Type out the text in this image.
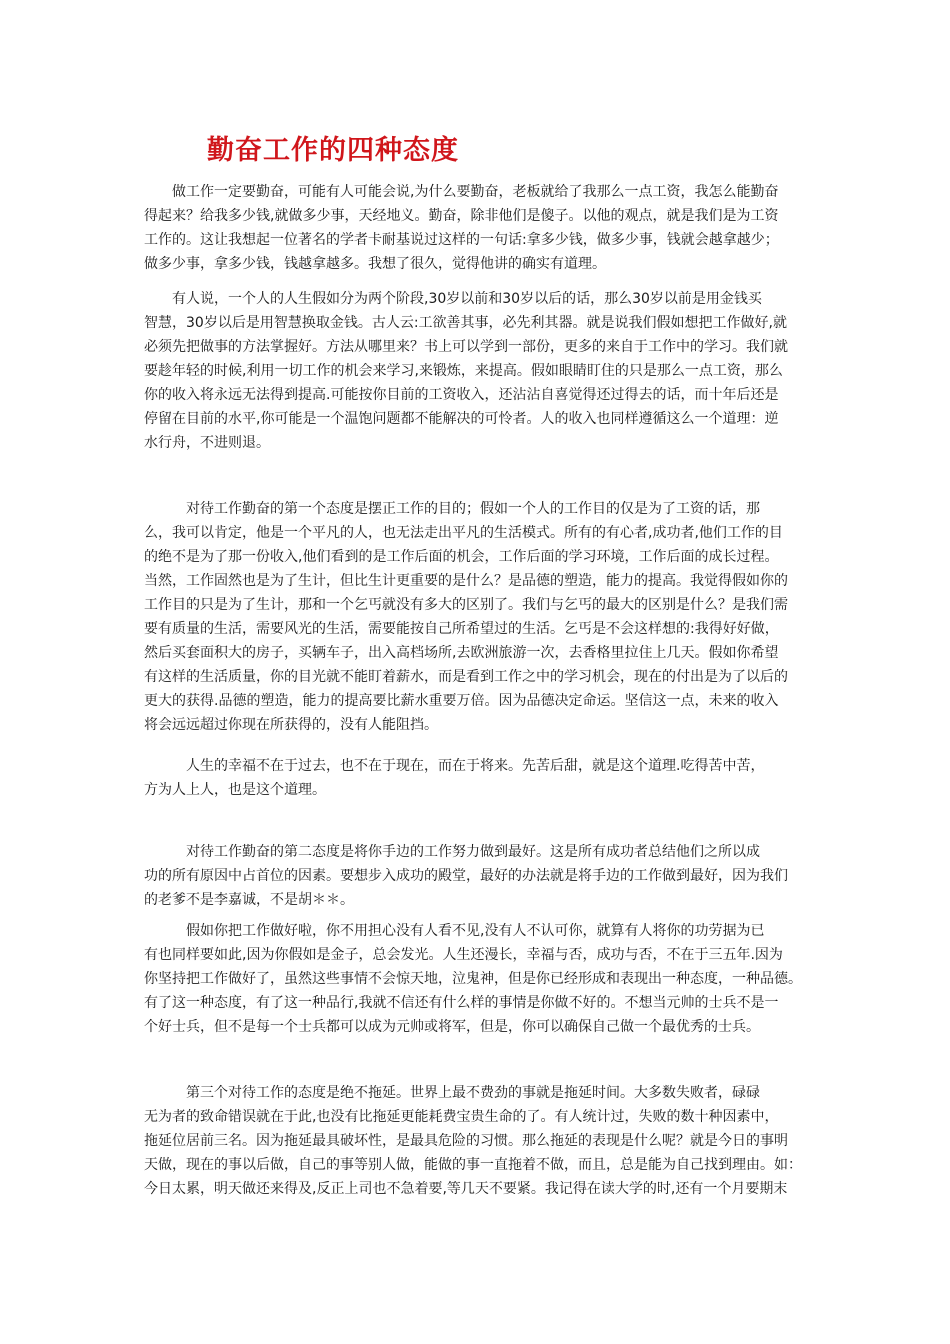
勤奋工作的四种态度
　　做工作一定要勤奋，可能有人可能会说,为什么要勤奋，老板就给了我那么一点工资，我怎么能勤奋
得起来？给我多少钱,就做多少事，天经地义。勤奋，除非他们是傻子。以他的观点，就是我们是为工资
工作的。这让我想起一位著名的学者卡耐基说过这样的一句话:拿多少钱，做多少事，钱就会越拿越少；
做多少事，拿多少钱，钱越拿越多。我想了很久，觉得他讲的确实有道理。
　　有人说，一个人的人生假如分为两个阶段,30岁以前和30岁以后的话，那么30岁以前是用金钱买
智慧，30岁以后是用智慧换取金钱。古人云:工欲善其事，必先利其器。就是说我们假如想把工作做好,就
必须先把做事的方法掌握好。方法从哪里来？书上可以学到一部份，更多的来自于工作中的学习。我们就
要趁年轻的时候,利用一切工作的机会来学习,来锻炼，来提高。假如眼睛盯住的只是那么一点工资，那么
你的收入将永远无法得到提高.可能按你目前的工资收入，还沾沾自喜觉得还过得去的话，而十年后还是
停留在目前的水平,你可能是一个温饱问题都不能解决的可怜者。人的收入也同样遵循这么一个道理：逆
水行舟，不进则退。
　　　对待工作勤奋的第一个态度是摆正工作的目的；假如一个人的工作目的仅是为了工资的话，那
么，我可以肯定，他是一个平凡的人，也无法走出平凡的生活模式。所有的有心者,成功者,他们工作的目
的绝不是为了那一份收入,他们看到的是工作后面的机会，工作后面的学习环境，工作后面的成长过程。
当然，工作固然也是为了生计，但比生计更重要的是什么？是品德的塑造，能力的提高。我觉得假如你的
工作目的只是为了生计，那和一个乞丐就没有多大的区别了。我们与乞丐的最大的区别是什么？是我们需
要有质量的生活，需要风光的生活，需要能按自己所希望过的生活。乞丐是不会这样想的:我得好好做，
然后买套面积大的房子，买辆车子，出入高档场所,去欧洲旅游一次，去香格里拉住上几天。假如你希望
有这样的生活质量，你的目光就不能盯着薪水，而是看到工作之中的学习机会，现在的付出是为了以后的
更大的获得.品德的塑造，能力的提高要比薪水重要万倍。因为品德决定命运。坚信这一点，未来的收入
将会远远超过你现在所获得的，没有人能阻挡。
　　　人生的幸福不在于过去，也不在于现在，而在于将来。先苦后甜，就是这个道理.吃得苦中苦，
方为人上人，也是这个道理。
　　　对待工作勤奋的第二态度是将你手边的工作努力做到最好。这是所有成功者总结他们之所以成
功的所有原因中占首位的因素。要想步入成功的殿堂，最好的办法就是将手边的工作做到最好，因为我们
的老爹不是李嘉诚，不是胡＊＊。
　　　假如你把工作做好啦，你不用担心没有人看不见,没有人不认可你，就算有人将你的功劳据为已
有也同样要如此,因为你假如是金子，总会发光。人生还漫长，幸福与否，成功与否，不在于三五年.因为
你坚持把工作做好了，虽然这些事情不会惊天地，泣鬼神，但是你已经形成和表现出一种态度，一种品德。
有了这一种态度，有了这一种品行,我就不信还有什么样的事情是你做不好的。不想当元帅的士兵不是一
个好士兵，但不是每一个士兵都可以成为元帅或将军，但是，你可以确保自己做一个最优秀的士兵。
　　　第三个对待工作的态度是绝不拖延。世界上最不费劲的事就是拖延时间。大多数失败者，碌碌
无为者的致命错误就在于此,也没有比拖延更能耗费宝贵生命的了。有人统计过，失败的数十种因素中，
拖延位居前三名。因为拖延最具破坏性，是最具危险的习惯。那么拖延的表现是什么呢？就是今日的事明
天做，现在的事以后做，自己的事等别人做，能做的事一直拖着不做，而且，总是能为自己找到理由。如：
今日太累，明天做还来得及,反正上司也不急着要,等几天不要紧。我记得在读大学的时,还有一个月要期末
